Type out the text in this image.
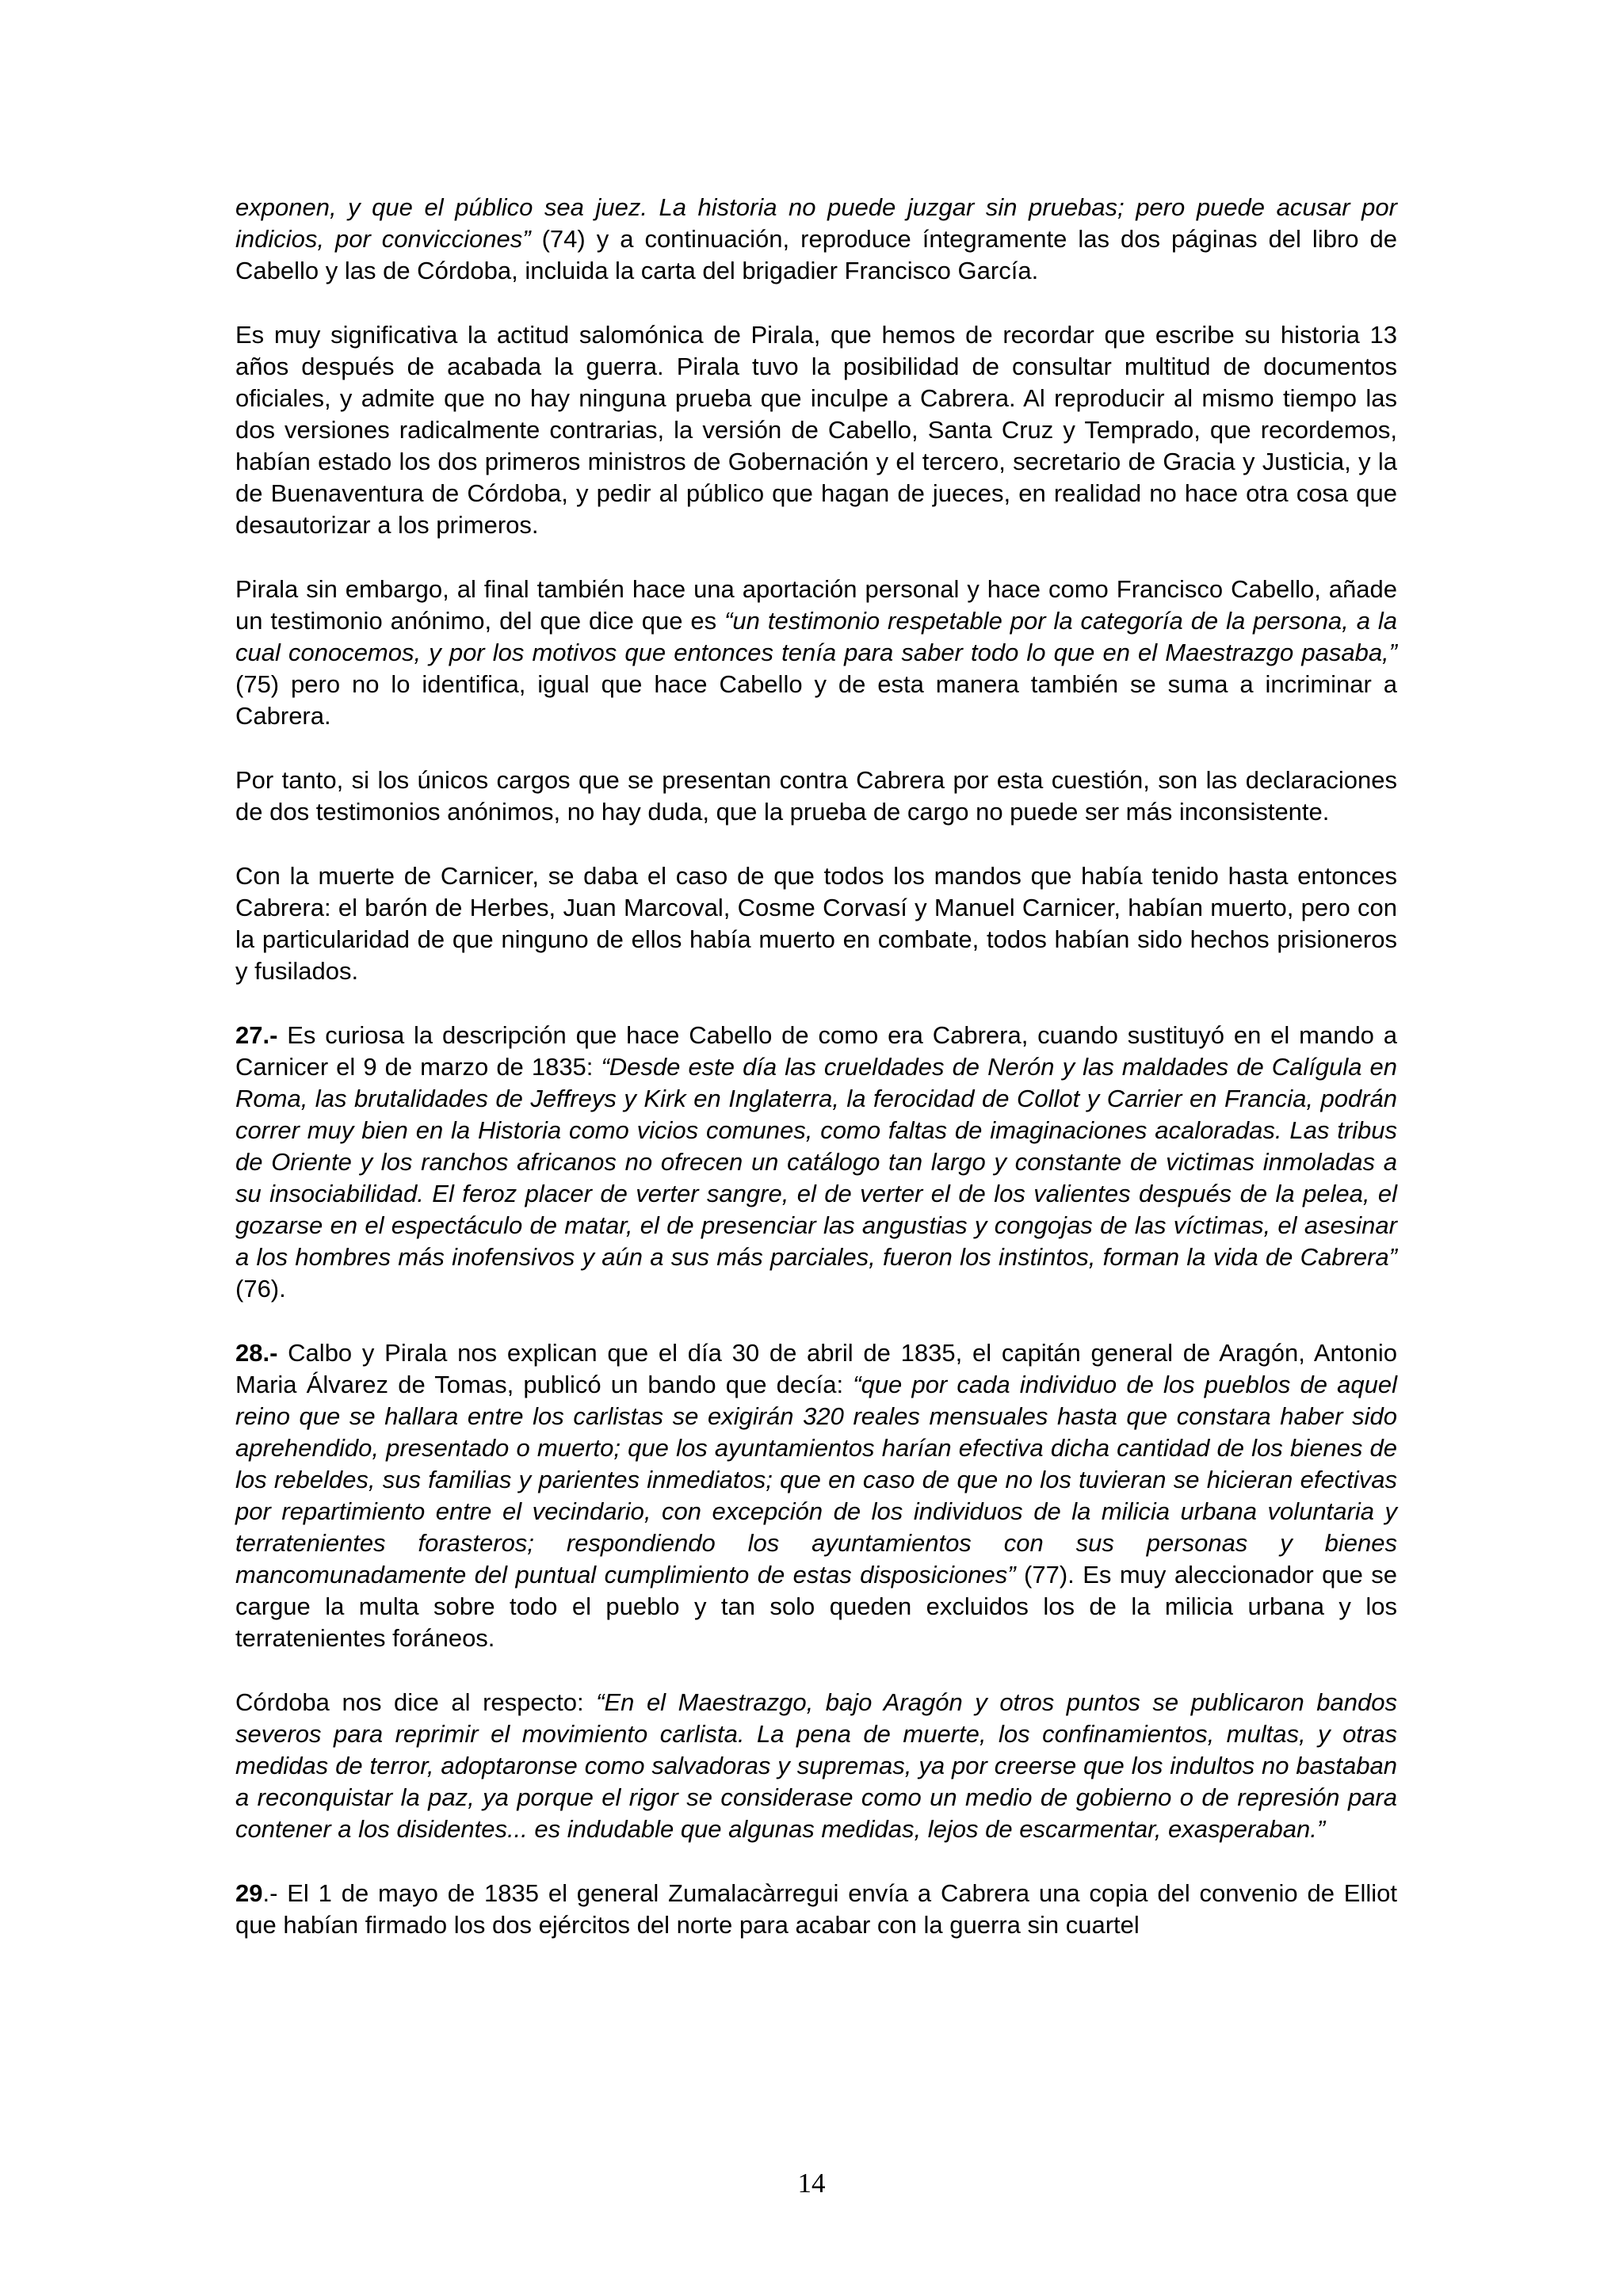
exponen, y que el público sea juez. La historia no puede juzgar sin pruebas; pero puede acusar por indicios, por convicciones” (74) y a continuación, reproduce íntegramente las dos páginas del libro de Cabello y las de Córdoba, incluida la carta del brigadier Francisco García.

Es muy significativa la actitud salomónica de Pirala, que hemos de recordar que escribe su historia 13 años después de acabada la guerra. Pirala tuvo la posibilidad de consultar multitud de documentos oficiales, y admite que no hay ninguna prueba que inculpe a Cabrera. Al reproducir al mismo tiempo las dos versiones radicalmente contrarias, la versión de Cabello, Santa Cruz y Temprado, que recordemos, habían estado los dos primeros ministros de Gobernación y el tercero, secretario de Gracia y Justicia, y la de Buenaventura de Córdoba, y pedir al público que hagan de jueces, en realidad no hace otra cosa que desautorizar a los primeros.

Pirala sin embargo, al final también hace una aportación personal y hace como Francisco Cabello, añade un testimonio anónimo, del que dice que es “un testimonio respetable por la categoría de la persona, a la cual conocemos, y por los motivos que entonces tenía para saber todo lo que en el Maestrazgo pasaba,” (75) pero no lo identifica, igual que hace Cabello y de esta manera también se suma a incriminar a Cabrera.

Por tanto, si los únicos cargos que se presentan contra Cabrera por esta cuestión, son las declaraciones de dos testimonios anónimos, no hay duda, que la prueba de cargo no puede ser más inconsistente.

Con la muerte de Carnicer, se daba el caso de que todos los mandos que había tenido hasta entonces Cabrera: el barón de Herbes, Juan Marcoval, Cosme Corvasí y Manuel Carnicer, habían muerto, pero con la particularidad de que ninguno de ellos había muerto en combate, todos habían sido hechos prisioneros y fusilados.

27.- Es curiosa la descripción que hace Cabello de como era Cabrera, cuando sustituyó en el mando a Carnicer el 9 de marzo de 1835: “Desde este día las crueldades de Nerón y las maldades de Calígula en Roma, las brutalidades de Jeffreys y Kirk en Inglaterra, la ferocidad de Collot y Carrier en Francia, podrán correr muy bien en la Historia como vicios comunes, como faltas de imaginaciones acaloradas. Las tribus de Oriente y los ranchos africanos no ofrecen un catálogo tan largo y constante de victimas inmoladas a su insociabilidad. El feroz placer de verter sangre, el de verter el de los valientes después de la pelea, el gozarse en el espectáculo de matar, el de presenciar las angustias y congojas de las víctimas, el asesinar a los hombres más inofensivos y aún a sus más parciales, fueron los instintos, forman la vida de Cabrera” (76).

28.- Calbo y Pirala nos explican que el día 30 de abril de 1835, el capitán general de Aragón, Antonio Maria Álvarez de Tomas, publicó un bando que decía: “que por cada individuo de los pueblos de aquel reino que se hallara entre los carlistas se exigirán 320 reales mensuales hasta que constara haber sido aprehendido, presentado o muerto; que los ayuntamientos harían efectiva dicha cantidad de los bienes de los rebeldes, sus familias y parientes inmediatos; que en caso de que no los tuvieran se hicieran efectivas por repartimiento entre el vecindario, con excepción de los individuos de la milicia urbana voluntaria y terratenientes forasteros; respondiendo los ayuntamientos con sus personas y bienes mancomunadamente del puntual cumplimiento de estas disposiciones” (77). Es muy aleccionador que se cargue la multa sobre todo el pueblo y tan solo queden excluidos los de la milicia urbana y los terratenientes foráneos.

Córdoba nos dice al respecto: “En el Maestrazgo, bajo Aragón y otros puntos se publicaron bandos severos para reprimir el movimiento carlista. La pena de muerte, los confinamientos, multas, y otras medidas de terror, adoptaronse como salvadoras y supremas, ya por creerse que los indultos no bastaban a reconquistar la paz, ya porque el rigor se considerase como un medio de gobierno o de represión para contener a los disidentes... es indudable que algunas medidas, lejos de escarmentar, exasperaban.”

29.- El 1 de mayo de 1835 el general Zumalacàrregui envía a Cabrera una copia del convenio de Elliot que habían firmado los dos ejércitos del norte para acabar con la guerra sin cuartel

14
